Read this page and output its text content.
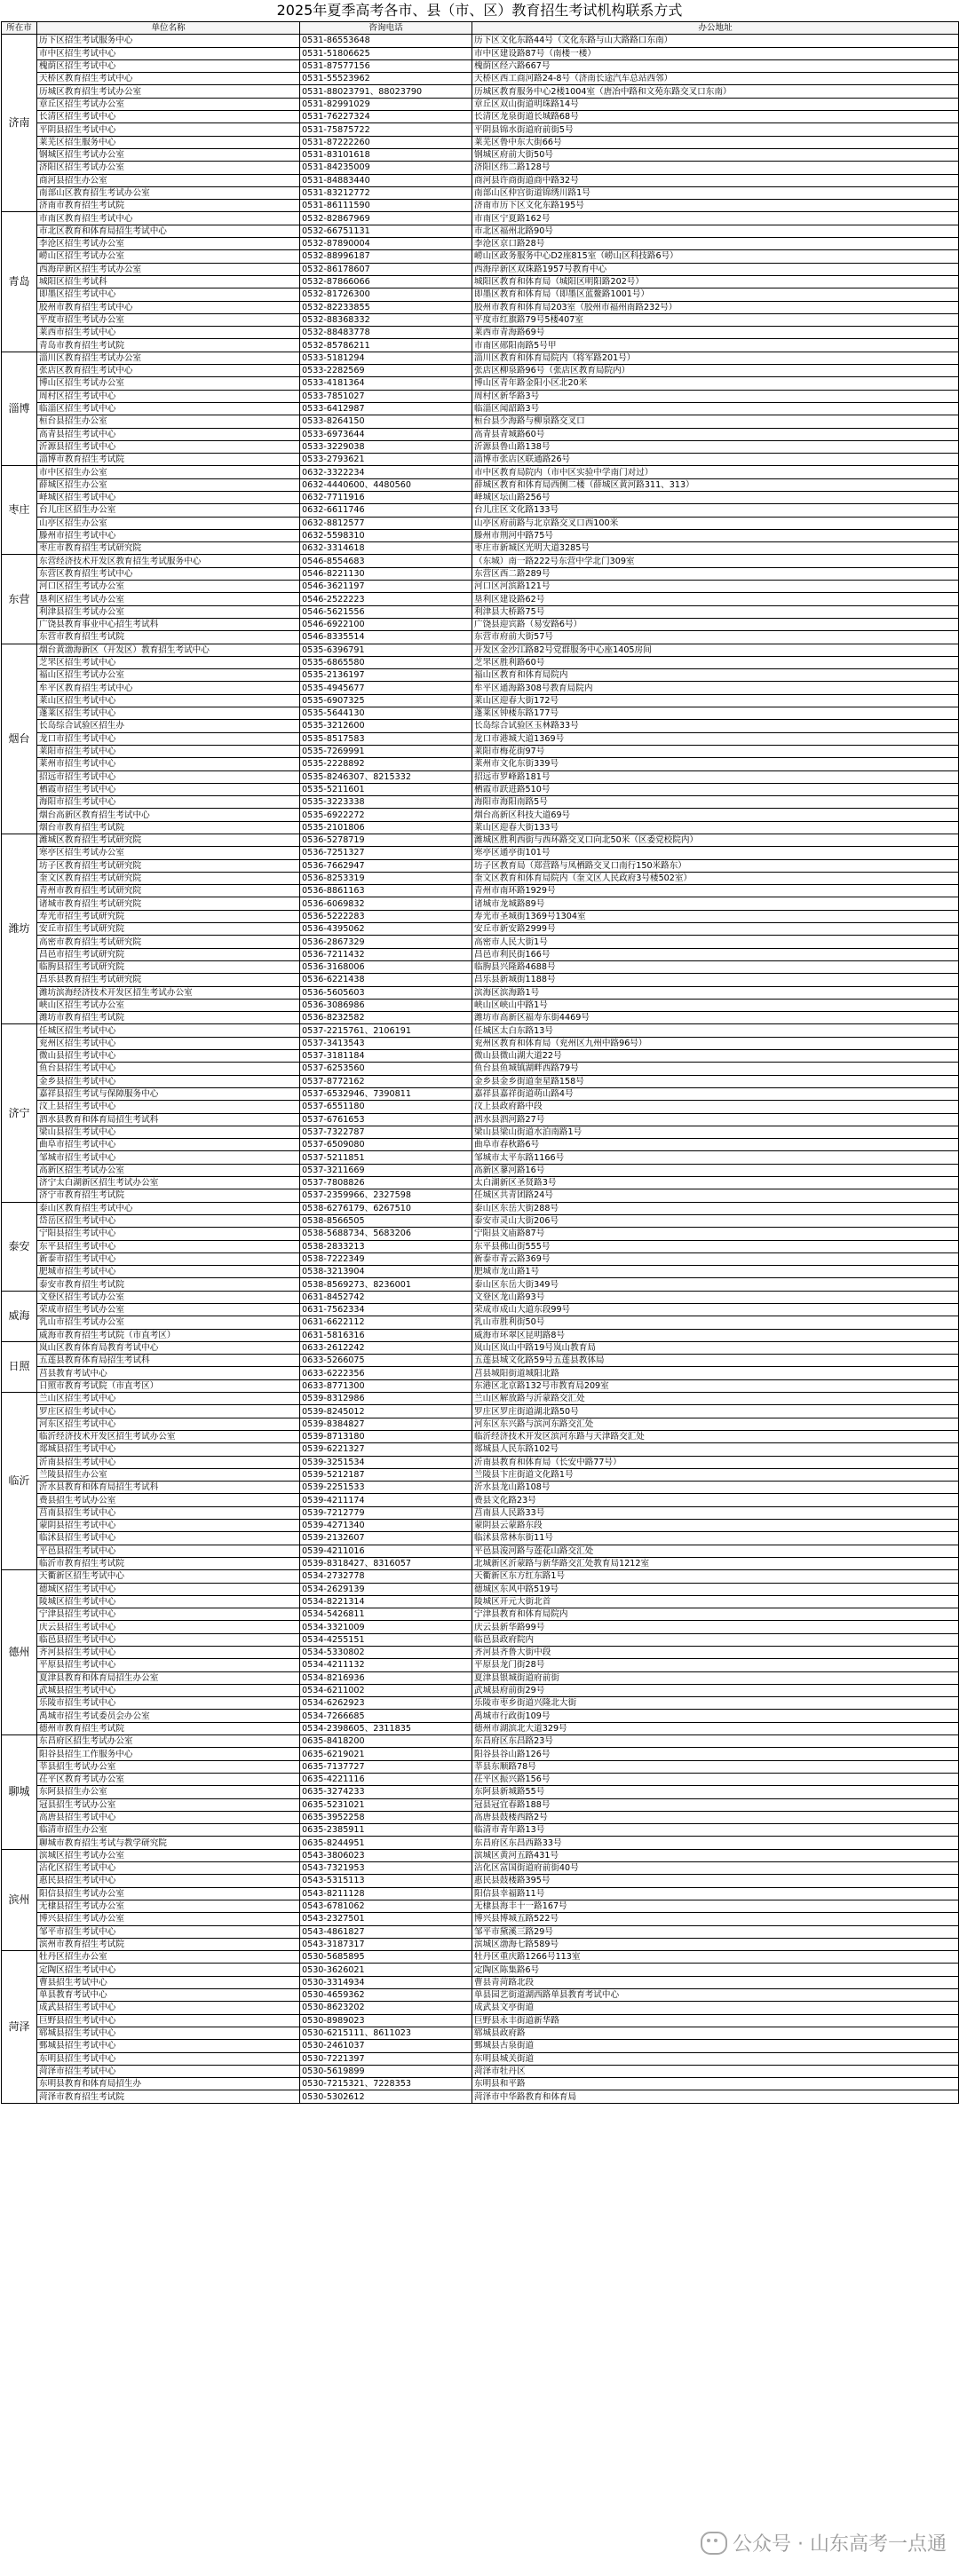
2025年夏季高考各市、县（市、区）教育招生考试机构联系方式
所在市	单位名称	咨询电话	办公地址
济南	历下区招生考试服务中心	0531-86553648	历下区文化东路44号（文化东路与山大路路口东南）
	市中区招生考试中心	0531-51806625	市中区建设路87号（南楼一楼）
	槐荫区招生考试中心	0531-87577156	槐荫区经六路667号
	天桥区教育招生考试中心	0531-55523962	天桥区西工商河路24-8号（济南长途汽车总站西邻）
	历城区教育招生考试办公室	0531-88023791、88023790	历城区教育服务中心2楼1004室（唐冶中路和文苑东路交叉口东南）
	章丘区招生考试办公室	0531-82991029	章丘区双山街道明珠路14号
	长清区招生考试中心	0531-76227324	长清区龙泉街道长城路68号
	平阴县招生考试中心	0531-75875722	平阴县锦水街道府前街5号
	莱芜区招生服务中心	0531-87222260	莱芜区鲁中东大街66号
	钢城区招生考试办公室	0531-83101618	钢城区府前大街50号
	济阳区招生考试办公室	0531-84235009	济阳区纬二路128号
	商河县招生办公室	0531-84883440	商河县许商街道商中路32号
	南部山区教育招生考试办公室	0531-83212772	南部山区仲宫街道锦绣川路1号
	济南市教育招生考试院	0531-86111590	济南市历下区文化东路195号
青岛	市南区教育招生考试中心	0532-82867969	市南区宁夏路162号
	市北区教育和体育局招生考试中心	0532-66751131	市北区福州北路90号
	李沧区招生考试办公室	0532-87890004	李沧区京口路28号
	崂山区招生考试办公室	0532-88996187	崂山区政务服务中心D2座815室（崂山区科技路6号）
	西海岸新区招生考试办公室	0532-86178607	西海岸新区双珠路1957号教育中心
	城阳区招生考试科	0532-87866066	城阳区教育和体育局（城阳区明阳路202号）
	即墨区招生考试中心	0532-81726300	即墨区教育和体育局（即墨区蓝鳌路1001号）
	胶州市教育招生考试中心	0532-82233855	胶州市教育和体育局203室（胶州市福州南路232号）
	平度市招生考试办公室	0532-88368332	平度市红旗路79号5楼407室
	莱西市招生考试中心	0532-88483778	莱西市青海路69号
	青岛市教育招生考试院	0532-85786211	市南区郧阳南路5号甲
淄博	淄川区教育招生考试办公室	0533-5181294	淄川区教育和体育局院内（将军路201号）
	张店区教育招生考试中心	0533-2282569	张店区柳泉路96号（张店区教育局院内）
	博山区招生考试办公室	0533-4181364	博山区青年路金阳小区北20米
	周村区招生考试中心	0533-7851027	周村区新华路3号
	临淄区招生考试中心	0533-6412987	临淄区闻韶路3号
	桓台县招生办公室	0533-8264150	桓台县少海路与柳泉路交叉口
	高青县招生考试中心	0533-6973644	高青县青城路60号
	沂源县招生考试中心	0533-3229038	沂源县鲁山路138号
	淄博市教育招生考试院	0533-2793621	淄博市张店区联通路26号
枣庄	市中区招生办公室	0632-3322234	市中区教育局院内（市中区实验中学南门对过）
	薛城区招生办公室	0632-4440600、4480560	薛城区教育和体育局西侧二楼（薛城区黄河路311、313）
	峄城区招生考试中心	0632-7711916	峄城区坛山路256号
	台儿庄区招生办公室	0632-6611746	台儿庄区文化路133号
	山亭区招生办公室	0632-8812577	山亭区府前路与北京路交叉口西100米
	滕州市招生考试中心	0632-5598310	滕州市荆河中路75号
	枣庄市教育招生考试研究院	0632-3314618	枣庄市新城区光明大道3285号
东营	东营经济技术开发区教育招生考试服务中心	0546-8554683	（东城）南一路222号东营中学北门309室
	东营区教育招生考试中心	0546-8221130	东营区西二路289号
	河口区招生考试办公室	0546-3621197	河口区河滨路121号
	垦利区招生考试办公室	0546-2522223	垦利区建设路62号
	利津县招生考试办公室	0546-5621556	利津县大桥路75号
	广饶县教育事业中心招生考试科	0546-6922100	广饶县迎宾路（易安路6号）
	东营市教育招生考试院	0546-8335514	东营市府前大街57号
烟台	烟台黄渤海新区（开发区）教育招生考试中心	0535-6396791	开发区金沙江路82号党群服务中心座1405房间
	芝罘区招生考试中心	0535-6865580	芝罘区胜利路60号
	福山区招生考试办公室	0535-2136197	福山区教育和体育局院内
	牟平区教育招生考试中心	0535-4945677	牟平区通海路308号教育局院内
	莱山区招生考试中心	0535-6907325	莱山区迎春大街172号
	蓬莱区招生考试中心	0535-5644130	蓬莱区钟楼东路177号
	长岛综合试验区招生办	0535-3212600	长岛综合试验区玉林路33号
	龙口市招生考试中心	0535-8517583	龙口市港城大道1369号
	莱阳市招生考试中心	0535-7269991	莱阳市梅花街97号
	莱州市招生考试中心	0535-2228892	莱州市文化东街339号
	招远市招生考试中心	0535-8246307、8215332	招远市罗峰路181号
	栖霞市招生考试中心	0535-5211601	栖霞市跃进路510号
	海阳市招生考试中心	0535-3223338	海阳市海阳南路5号
	烟台高新区教育招生考试中心	0535-6922272	烟台高新区科技大道69号
	烟台市教育招生考试院	0535-2101806	莱山区迎春大街133号
潍坊	潍城区教育招生考试研究院	0536-5278719	潍城区胜利西街与西环路交叉口向北50米（区委党校院内）
	寒亭区招生考试办公室	0536-7251327	寒亭区通亭街101号
	坊子区教育招生考试研究院	0536-7662947	坊子区教育局（郑营路与凤栖路交叉口南行150米路东）
	奎文区教育招生考试研究院	0536-8253319	奎文区教育和体育局院内（奎文区人民政府3号楼502室）
	青州市教育招生考试研究院	0536-8861163	青州市南环路1929号
	诸城市教育招生考试研究院	0536-6069832	诸城市龙城路89号
	寿光市招生考试研究院	0536-5222283	寿光市圣城街1369号1304室
	安丘市招生考试研究院	0536-4395062	安丘市新安路2999号
	高密市教育招生考试研究院	0536-2867329	高密市人民大街1号
	昌邑市招生考试研究院	0536-7211432	昌邑市利民街166号
	临朐县招生考试研究院	0536-3168006	临朐县兴隆路4688号
	昌乐县教育招生考试研究院	0536-6221438	昌乐县新城街1188号
	潍坊滨海经济技术开发区招生考试办公室	0536-5605603	滨海区滨海路1号
	峡山区招生考试办公室	0536-3086986	峡山区峡山中路1号
	潍坊市教育招生考试院	0536-8232582	潍坊市高新区福寿东街4469号
济宁	任城区招生考试中心	0537-2215761、2106191	任城区太白东路13号
	兖州区招生考试中心	0537-3413543	兖州区教育和体育局（兖州区九州中路96号）
	微山县招生考试中心	0537-3181184	微山县微山湖大道22号
	鱼台县招生考试中心	0537-6253560	鱼台县鱼城镇湖畔西路79号
	金乡县招生考试中心	0537-8772162	金乡县金乡街道奎星路158号
	嘉祥县招生考试与保障服务中心	0537-6532946、7390811	嘉祥县嘉祥街道萌山路4号
	汶上县招生考试中心	0537-6551180	汶上县政府路中段
	泗水县教育和体育局招生考试科	0537-6761653	泗水县泗河路27号
	梁山县招生考试中心	0537-7322787	梁山县梁山街道水泊南路1号
	曲阜市招生考试中心	0537-6509080	曲阜市春秋路6号
	邹城市招生考试中心	0537-5211851	邹城市太平东路1166号
	高新区招生考试办公室	0537-3211669	高新区蓼河路16号
	济宁太白湖新区招生考试办公室	0537-7808826	太白湖新区圣贤路3号
	济宁市教育招生考试院	0537-2359966、2327598	任城区共青团路24号
泰安	泰山区教育招生考试中心	0538-6276179、6267510	泰山区东岳大街288号
	岱岳区招生考试中心	0538-8566505	泰安市灵山大街206号
	宁阳县招生考试中心	0538-5688734、5683206	宁阳县文庙路87号
	东平县招生考试中心	0538-2833213	东平县佛山街555号
	新泰市招生考试中心	0538-7222349	新泰市青云路369号
	肥城市招生考试中心	0538-3213904	肥城市龙山路1号
	泰安市教育招生考试院	0538-8569273、8236001	泰山区东岳大街349号
威海	文登区招生考试办公室	0631-8452742	文登区龙山路93号
	荣成市招生考试办公室	0631-7562334	荣成市成山大道东段99号
	乳山市招生考试办公室	0631-6622112	乳山市胜利街50号
	威海市教育招生考试院（市直考区）	0631-5816316	威海市环翠区昆明路8号
日照	岚山区教育体育局教育考试中心	0633-2612242	岚山区岚山中路19号岚山教育局
	五莲县教育体育局招生考试科	0633-5266075	五莲县城文化路59号五莲县教体局
	莒县教育考试中心	0633-6222356	莒县城阳街道城阳北路
	日照市教育考试院（市直考区）	0633-8771300	东港区北京路132号市教育局209室
临沂	兰山区招生考试中心	0539-8312986	兰山区解放路与沂蒙路交汇处
	罗庄区招生考试中心	0539-8245012	罗庄区罗庄街道湖北路50号
	河东区招生考试中心	0539-8384827	河东区东兴路与滨河东路交汇处
	临沂经济技术开发区招生考试办公室	0539-8713180	临沂经济技术开发区滨河东路与天津路交汇处
	郯城县招生考试中心	0539-6221327	郯城县人民东路102号
	沂南县招生考试中心	0539-3251534	沂南县教育和体育局（长安中路77号）
	兰陵县招生办公室	0539-5212187	兰陵县卞庄街道文化路1号
	沂水县教育和体育局招生考试科	0539-2251533	沂水县龙山路108号
	费县招生考试办公室	0539-4211174	费县文化路23号
	莒南县招生考试中心	0539-7212779	莒南县人民路33号
	蒙阴县招生考试中心	0539-4271340	蒙阴县云蒙路东段
	临沭县招生考试中心	0539-2132607	临沭县常林东街11号
	平邑县招生考试中心	0539-4211016	平邑县浚河路与莲花山路交汇处
	临沂市教育招生考试院	0539-8318427、8316057	北城新区沂蒙路与新华路交汇处教育局1212室
德州	天衢新区招生考试中心	0534-2732778	天衢新区东方红东路1号
	德城区招生考试中心	0534-2629139	德城区东风中路519号
	陵城区招生考试中心	0534-8221314	陵城区开元大街北首
	宁津县招生考试中心	0534-5426811	宁津县教育和体育局院内
	庆云县招生考试中心	0534-3321009	庆云县新华路99号
	临邑县招生考试中心	0534-4255151	临邑县政府院内
	齐河县招生考试中心	0534-5330802	齐河县齐鲁大街中段
	平原县招生考试中心	0534-4211132	平原县龙门街28号
	夏津县教育和体育局招生办公室	0534-8216936	夏津县银城街道府前街
	武城县招生考试中心	0534-6211002	武城县府前街29号
	乐陵市招生考试中心	0534-6262923	乐陵市枣乡街道兴隆北大街
	禹城市招生考试委员会办公室	0534-7266685	禹城市行政街109号
	德州市教育招生考试院	0534-2398605、2311835	德州市湖滨北大道329号
聊城	东昌府区招生考试办公室	0635-8418200	东昌府区东昌路23号
	阳谷县招生工作服务中心	0635-6219021	阳谷县谷山路126号
	莘县招生考试办公室	0635-7137727	莘县东顺路78号
	茌平区教育考试办公室	0635-4221116	茌平区振兴路156号
	东阿县招生办公室	0635-3274233	东阿县新城路55号
	冠县招生考试办公室	0635-5231021	冠县冠宜春路188号
	高唐县招生考试中心	0635-3952258	高唐县鼓楼西路2号
	临清市招生办公室	0635-2385911	临清市青年路13号
	聊城市教育招生考试与教学研究院	0635-8244951	东昌府区东昌西路33号
滨州	滨城区招生考试办公室	0543-3806023	滨城区黄河五路431号
	沾化区招生考试中心	0543-7321953	沾化区富国街道府前街40号
	惠民县招生考试中心	0543-5315113	惠民县鼓楼路395号
	阳信县招生考试办公室	0543-8211128	阳信县幸福路11号
	无棣县招生考试办公室	0543-6781062	无棣县海丰十一路167号
	博兴县招生考试办公室	0543-2327501	博兴县博城五路522号
	邹平市招生考试中心	0543-4861827	邹平市黛溪三路29号
	滨州市教育招生考试院	0543-3187317	滨城区渤海七路589号
菏泽	牡丹区招生办公室	0530-5685895	牡丹区重庆路1266号113室
	定陶区招生考试中心	0530-3626021	定陶区陈集路6号
	曹县招生考试中心	0530-3314934	曹县青菏路北段
	单县教育考试中心	0530-4659362	单县园艺街道湖西路单县教育考试中心
	成武县招生考试中心	0530-8623202	成武县文亭街道
	巨野县招生考试中心	0530-8989023	巨野县永丰街道新华路
	郓城县招生考试中心	0530-6215111、8611023	郓城县政府路
	鄄城县招生考试中心	0530-2461037	鄄城县古泉街道
	东明县招生考试中心	0530-7221397	东明县城关街道
	菏泽市招生考试中心	0530-5619899	菏泽市牡丹区
	东明县教育和体育局招生办	0530-7215321、7228353	东明县和平路
	菏泽市教育招生考试院	0530-5302612	菏泽市中华路教育和体育局
公众号 · 山东高考一点通
